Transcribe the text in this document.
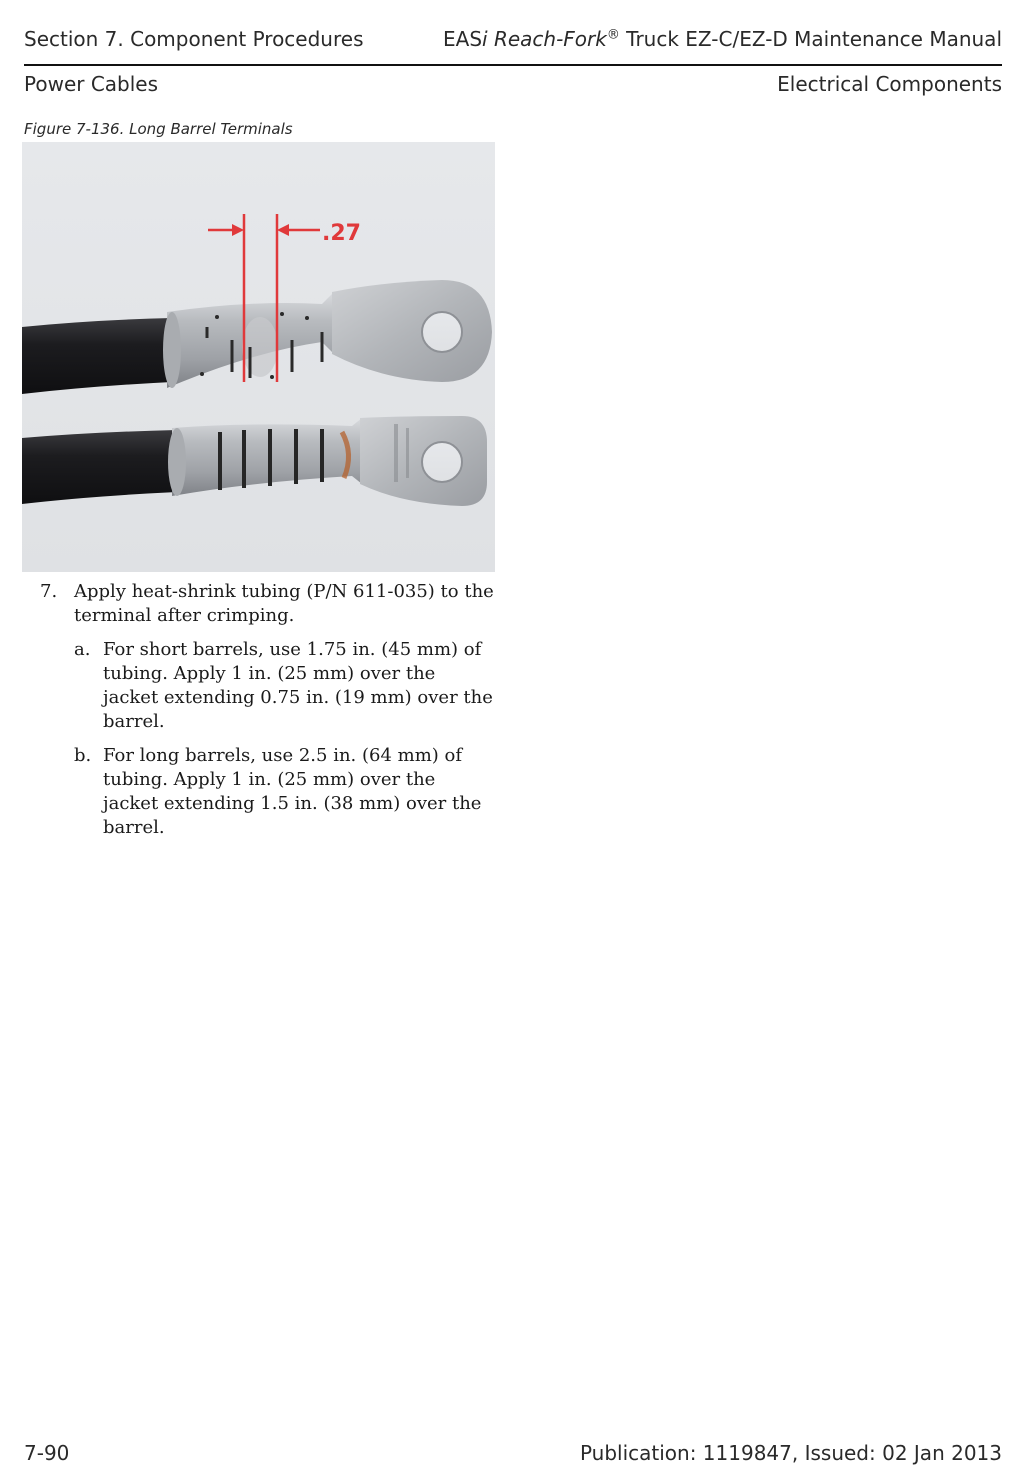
Section 7. Component Procedures	EASi Reach-Fork® Truck EZ-C/EZ-D Maintenance Manual
Power Cables	Electrical Components
Figure 7-136. Long Barrel Terminals
.27
7. Apply heat-shrink tubing (P/N 611-035) to the terminal after crimping.
a. For short barrels, use 1.75 in. (45 mm) of tubing. Apply 1 in. (25 mm) over the jacket extending 0.75 in. (19 mm) over the barrel.
b. For long barrels, use 2.5 in. (64 mm) of tubing. Apply 1 in. (25 mm) over the jacket extending 1.5 in. (38 mm) over the barrel.
7-90	Publication: 1119847, Issued: 02 Jan 2013
